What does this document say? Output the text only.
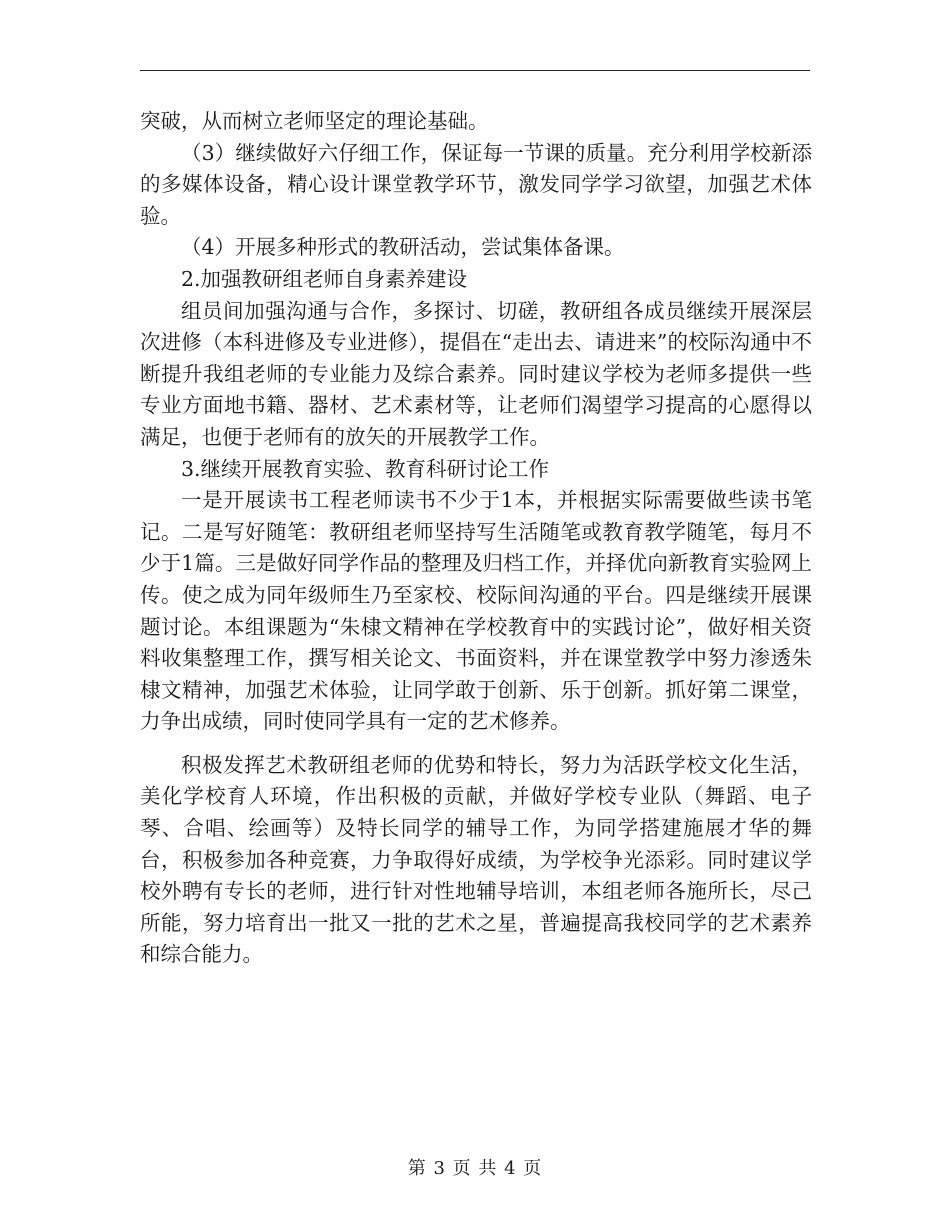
突破，从而树立老师坚定的理论基础。

（3）继续做好六仔细工作，保证每一节课的质量。充分利用学校新添的多媒体设备，精心设计课堂教学环节，激发同学学习欲望，加强艺术体验。

（4）开展多种形式的教研活动，尝试集体备课。

2.加强教研组老师自身素养建设

组员间加强沟通与合作，多探讨、切磋，教研组各成员继续开展深层次进修（本科进修及专业进修），提倡在“走出去、请进来”的校际沟通中不断提升我组老师的专业能力及综合素养。同时建议学校为老师多提供一些专业方面地书籍、器材、艺术素材等，让老师们渴望学习提高的心愿得以满足，也便于老师有的放矢的开展教学工作。

3.继续开展教育实验、教育科研讨论工作

一是开展读书工程老师读书不少于1本，并根据实际需要做些读书笔记。二是写好随笔：教研组老师坚持写生活随笔或教育教学随笔，每月不少于1篇。三是做好同学作品的整理及归档工作，并择优向新教育实验网上传。使之成为同年级师生乃至家校、校际间沟通的平台。四是继续开展课题讨论。本组课题为“朱棣文精神在学校教育中的实践讨论”，做好相关资料收集整理工作，撰写相关论文、书面资料，并在课堂教学中努力渗透朱棣文精神，加强艺术体验，让同学敢于创新、乐于创新。抓好第二课堂，力争出成绩，同时使同学具有一定的艺术修养。

积极发挥艺术教研组老师的优势和特长，努力为活跃学校文化生活，美化学校育人环境，作出积极的贡献，并做好学校专业队（舞蹈、电子琴、合唱、绘画等）及特长同学的辅导工作，为同学搭建施展才华的舞台，积极参加各种竞赛，力争取得好成绩，为学校争光添彩。同时建议学校外聘有专长的老师，进行针对性地辅导培训，本组老师各施所长，尽己所能，努力培育出一批又一批的艺术之星，普遍提高我校同学的艺术素养和综合能力。

第 3 页 共 4 页
